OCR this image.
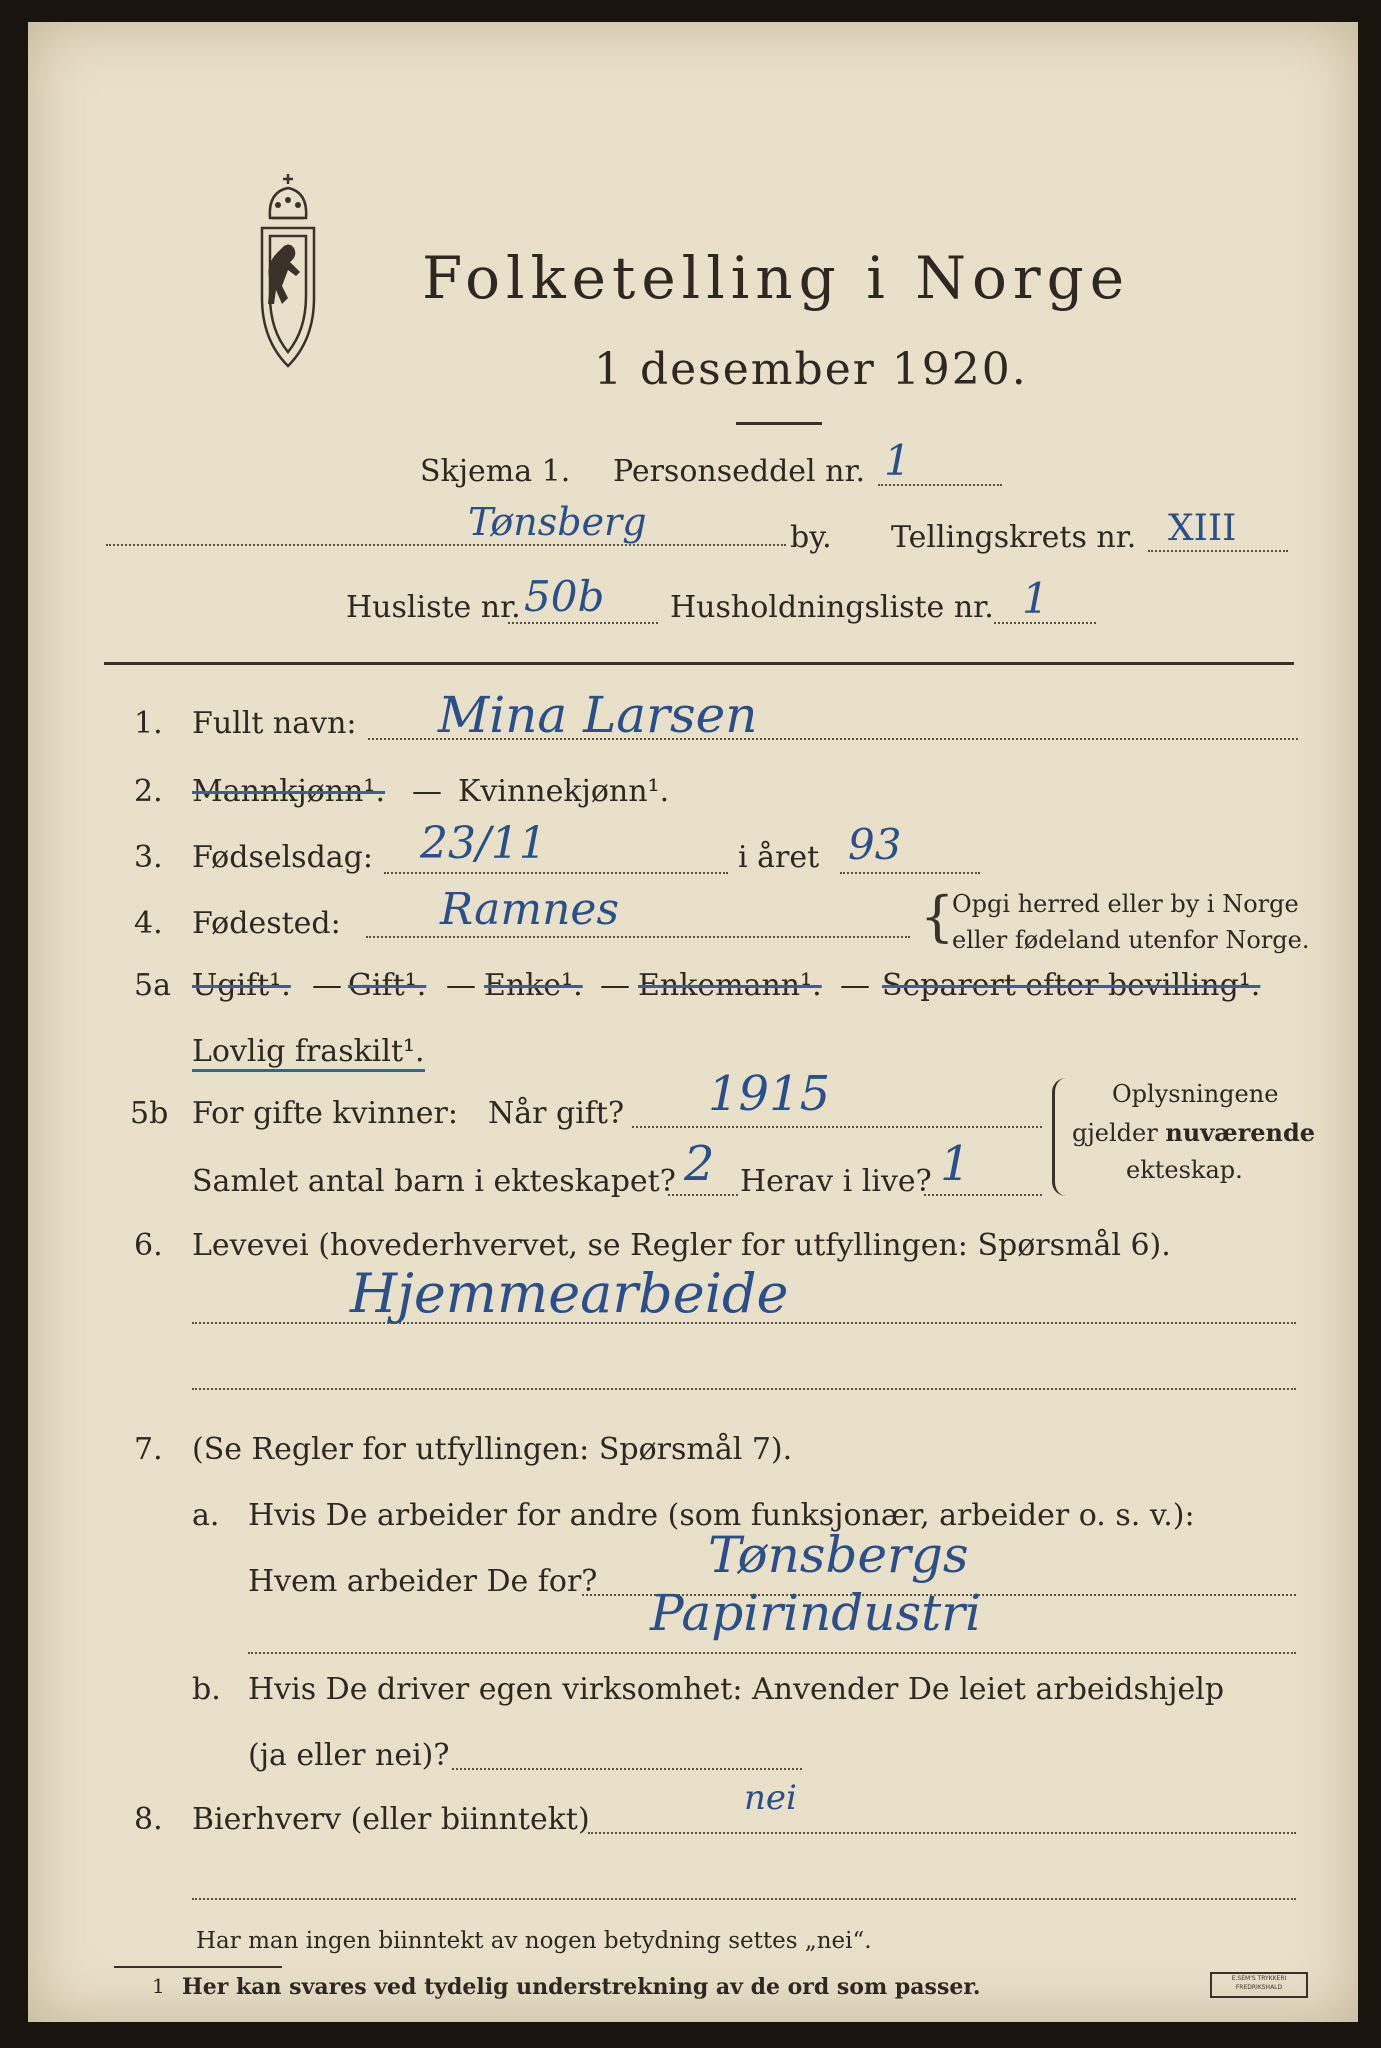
Folketelling i Norge
1 desember 1920.
Skjema 1. Personseddel nr. 1
Tønsberg	by. Tellingskrets nr. XIII
Husliste nr. 50b Husholdningsliste nr. 1
1. Fullt navn: Mina Larsen
2. Mannkjønn¹. — Kvinnekjønn¹.
3. Fødselsdag: 23/11	i året 93
4. Fødested: Ramnes	{
Opgi herred eller by i Norge
eller fødeland utenfor Norge.
5a Ugift¹. — Gift¹. — Enke¹. — Enkemann¹. — Separert efter bevilling¹.
Lovlig fraskilt¹.
5b For gifte kvinner: Når gift? 1915
Samlet antal barn i ekteskapet? 2 Herav i live? 1
Oplysningene
gjelder nuværende
ekteskap.
6. Levevei (hovederhvervet, se Regler for utfyllingen: Spørsmål 6).
Hjemmearbeide
7. (Se Regler for utfyllingen: Spørsmål 7).
a. Hvis De arbeider for andre (som funksjonær, arbeider o. s. v.):
Hvem arbeider De for? Tønsbergs
Papirindustri
b. Hvis De driver egen virksomhet: Anvender De leiet arbeidshjelp
(ja eller nei)?
8. Bierhverv (eller biinntekt)
nei
Har man ingen biinntekt av nogen betydning settes „nei“.
1 Her kan svares ved tydelig understrekning av de ord som passer.	E.SEM'S TRYKKERI FREDRIKSHALD
